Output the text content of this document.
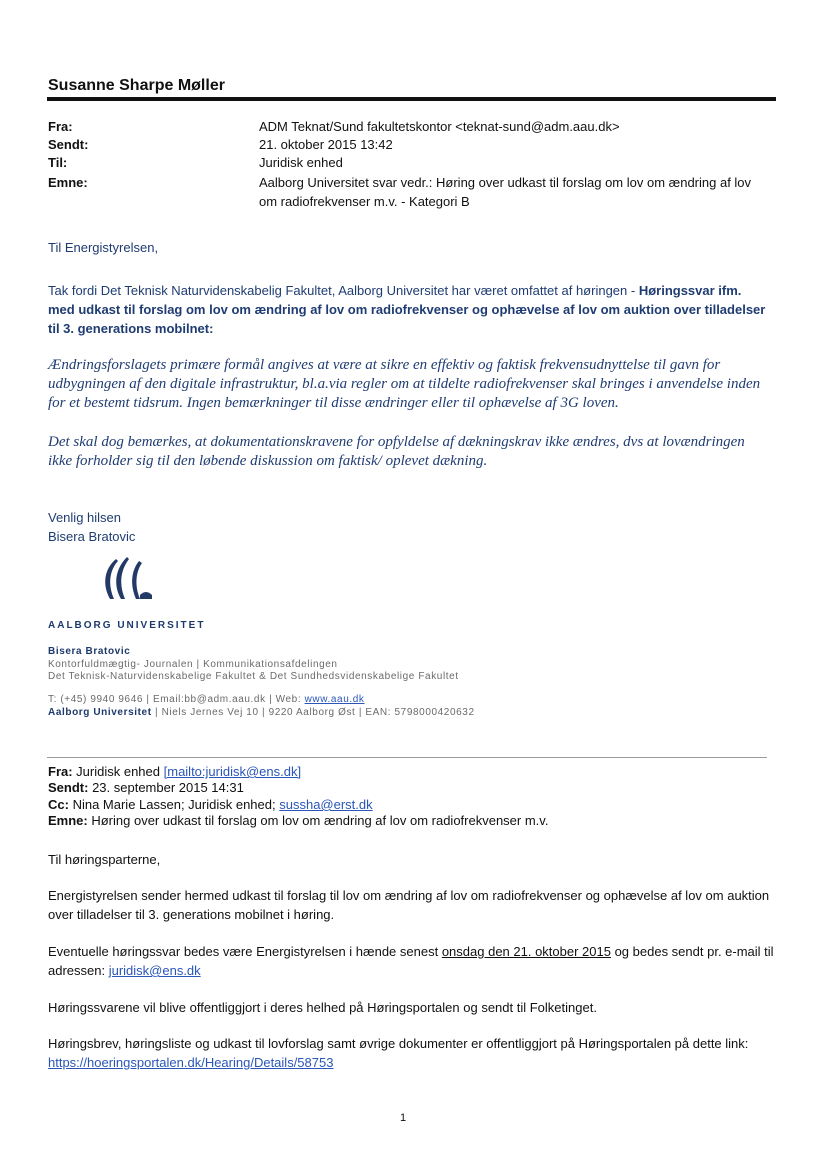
Susanne Sharpe Møller
Fra:	ADM Teknat/Sund fakultetskontor <teknat-sund@adm.aau.dk>
Sendt:	21. oktober 2015 13:42
Til:	Juridisk enhed
Emne:	Aalborg Universitet svar vedr.: Høring over udkast til forslag om lov om ændring af lov om radiofrekvenser m.v. - Kategori B
Til Energistyrelsen,
Tak fordi Det Teknisk Naturvidenskabelig Fakultet, Aalborg Universitet har været omfattet af høringen - Høringssvar ifm. med udkast til forslag om lov om ændring af lov om radiofrekvenser og ophævelse af lov om auktion over tilladelser til 3. generations mobilnet:
Ændringsforslagets primære formål angives at være at sikre en effektiv og faktisk frekvensudnyttelse til gavn for udbygningen af den digitale infrastruktur, bl.a.via regler om at tildelte radiofrekvenser skal bringes i anvendelse inden for et bestemt tidsrum. Ingen bemærkninger til disse ændringer eller til ophævelse af 3G loven.
Det skal dog bemærkes, at dokumentationskravene for opfyldelse af dækningskrav ikke ændres, dvs at lovændringen ikke forholder sig til den løbende diskussion om faktisk/ oplevet dækning.
Venlig hilsen
Bisera Bratovic
AALBORG UNIVERSITET
Bisera Bratovic
Kontorfuldmægtig- Journalen | Kommunikationsafdelingen
Det Teknisk-Naturvidenskabelige Fakultet & Det Sundhedsvidenskabelige Fakultet
T: (+45) 9940 9646 | Email:bb@adm.aau.dk | Web: www.aau.dk
Aalborg Universitet | Niels Jernes Vej 10 | 9220 Aalborg Øst | EAN: 5798000420632
Fra: Juridisk enhed [mailto:juridisk@ens.dk]
Sendt: 23. september 2015 14:31
Cc: Nina Marie Lassen; Juridisk enhed; sussha@erst.dk
Emne: Høring over udkast til forslag om lov om ændring af lov om radiofrekvenser m.v.
Til høringsparterne,
Energistyrelsen sender hermed udkast til forslag til lov om ændring af lov om radiofrekvenser og ophævelse af lov om auktion over tilladelser til 3. generations mobilnet i høring.
Eventuelle høringssvar bedes være Energistyrelsen i hænde senest onsdag den 21. oktober 2015 og bedes sendt pr. e-mail til adressen: juridisk@ens.dk
Høringssvarene vil blive offentliggjort i deres helhed på Høringsportalen og sendt til Folketinget.
Høringsbrev, høringsliste og udkast til lovforslag samt øvrige dokumenter er offentliggjort på Høringsportalen på dette link: https://hoeringsportalen.dk/Hearing/Details/58753
1
